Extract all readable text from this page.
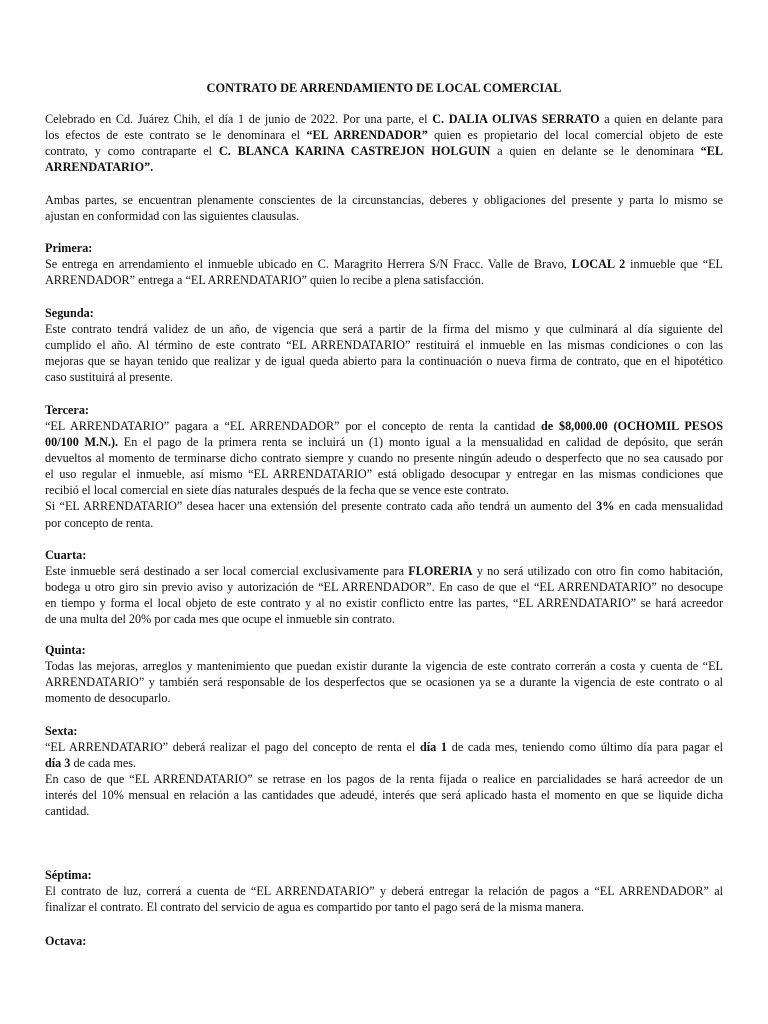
CONTRATO DE ARRENDAMIENTO DE LOCAL COMERCIAL
Celebrado en Cd. Juárez Chih, el día 1 de junio de 2022. Por una parte, el C. DALIA OLIVAS SERRATO a quien en delante para
los efectos de este contrato se le denominara el “EL ARRENDADOR” quien es propietario del local comercial objeto de este
contrato, y como contraparte el C. BLANCA KARINA CASTREJON HOLGUIN a quien en delante se le denominara “EL
ARRENDATARIO”.
Ambas partes, se encuentran plenamente conscientes de la circunstancias, deberes y obligaciones del presente y parta lo mismo se
ajustan en conformidad con las siguientes clausulas.
Primera:
Se entrega en arrendamiento el inmueble ubicado en C. Maragrito Herrera S/N Fracc. Valle de Bravo, LOCAL 2 inmueble que “EL
ARRENDADOR” entrega a “EL ARRENDATARIO” quien lo recibe a plena satisfacción.
Segunda:
Este contrato tendrá validez de un año, de vigencia que será a partir de la firma del mismo y que culminará al día siguiente del
cumplido el año. Al término de este contrato “EL ARRENDATARIO” restituirá el inmueble en las mismas condiciones o con las
mejoras que se hayan tenido que realizar y de igual queda abierto para la continuación o nueva firma de contrato, que en el hipotético
caso sustituirá al presente.
Tercera:
“EL ARRENDATARIO” pagara a “EL ARRENDADOR” por el concepto de renta la cantidad de $8,000.00 (OCHOMIL PESOS
00/100 M.N.). En el pago de la primera renta se incluirá un (1) monto igual a la mensualidad en calidad de depósito, que serán
devueltos al momento de terminarse dicho contrato siempre y cuando no presente ningún adeudo o desperfecto que no sea causado por
el uso regular el inmueble, así mismo “EL ARRENDATARIO” está obligado desocupar y entregar en las mismas condiciones que
recibió el local comercial en siete días naturales después de la fecha que se vence este contrato.
Si “EL ARRENDATARIO” desea hacer una extensión del presente contrato cada año tendrá un aumento del 3% en cada mensualidad
por concepto de renta.
Cuarta:
Este inmueble será destinado a ser local comercial exclusivamente para FLORERIA y no será utilizado con otro fin como habitación,
bodega u otro giro sin previo aviso y autorización de “EL ARRENDADOR”. En caso de que el “EL ARRENDATARIO” no desocupe
en tiempo y forma el local objeto de este contrato y al no existir conflicto entre las partes, “EL ARRENDATARIO” se hará acreedor
de una multa del 20% por cada mes que ocupe el inmueble sin contrato.
Quinta:
Todas las mejoras, arreglos y mantenimiento que puedan existir durante la vigencia de este contrato correrán a costa y cuenta de “EL
ARRENDATARIO” y también será responsable de los desperfectos que se ocasionen ya se a durante la vigencia de este contrato o al
momento de desocuparlo.
Sexta:
“EL ARRENDATARIO” deberá realizar el pago del concepto de renta el día 1 de cada mes, teniendo como último día para pagar el
día 3 de cada mes.
En caso de que “EL ARRENDATARIO” se retrase en los pagos de la renta fijada o realice en parcialidades se hará acreedor de un
interés del 10% mensual en relación a las cantidades que adeudé, interés que será aplicado hasta el momento en que se liquide dicha
cantidad.
Séptima:
El contrato de luz, correrá a cuenta de “EL ARRENDATARIO” y deberá entregar la relación de pagos a “EL ARRENDADOR” al
finalizar el contrato. El contrato del servicio de agua es compartido por tanto el pago será de la misma manera.
Octava:
